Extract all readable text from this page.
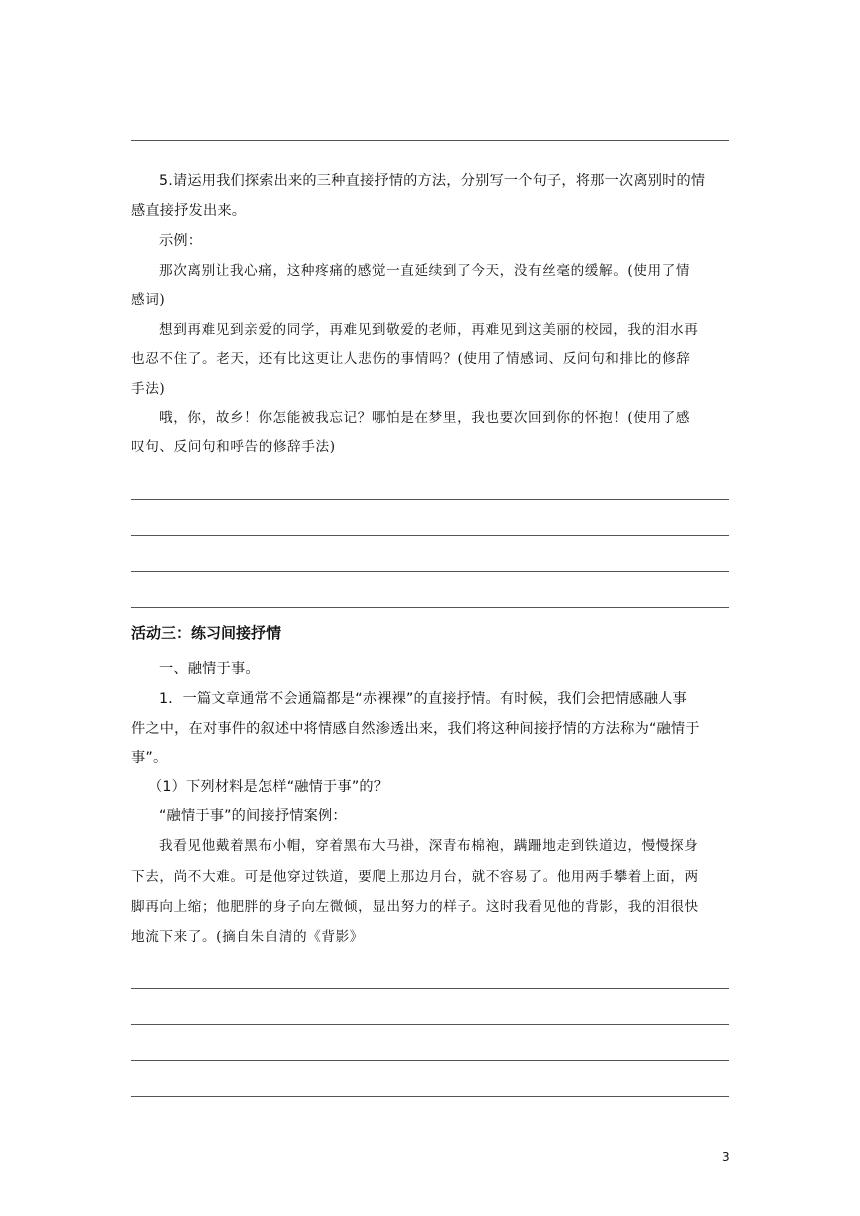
5.请运用我们探索出来的三种直接抒情的方法，分别写一个句子，将那一次离别时的情
感直接抒发出来。
示例：
那次离别让我心痛，这种疼痛的感觉一直延续到了今天，没有丝毫的缓解。(使用了情
感词)
想到再难见到亲爱的同学，再难见到敬爱的老师，再难见到这美丽的校园，我的泪水再
也忍不住了。老天，还有比这更让人悲伤的事情吗？(使用了情感词、反问句和排比的修辞
手法)
哦，你，故乡！你怎能被我忘记？哪怕是在梦里，我也要次回到你的怀抱！(使用了感
叹句、反问句和呼告的修辞手法)
活动三：练习间接抒情
一、融情于事。
1．一篇文章通常不会通篇都是“赤裸裸”的直接抒情。有时候，我们会把情感融人事
件之中，在对事件的叙述中将情感自然渗透出来，我们将这种间接抒情的方法称为“融情于
事”。
（1）下列材料是怎样“融情于事”的？
“融情于事”的间接抒情案例：
我看见他戴着黑布小帽，穿着黑布大马褂，深青布棉袍，蹒跚地走到铁道边，慢慢探身
下去，尚不大难。可是他穿过铁道，要爬上那边月台，就不容易了。他用两手攀着上面，两
脚再向上缩；他肥胖的身子向左微倾，显出努力的样子。这时我看见他的背影，我的泪很快
地流下来了。(摘自朱自清的《背影》
3
